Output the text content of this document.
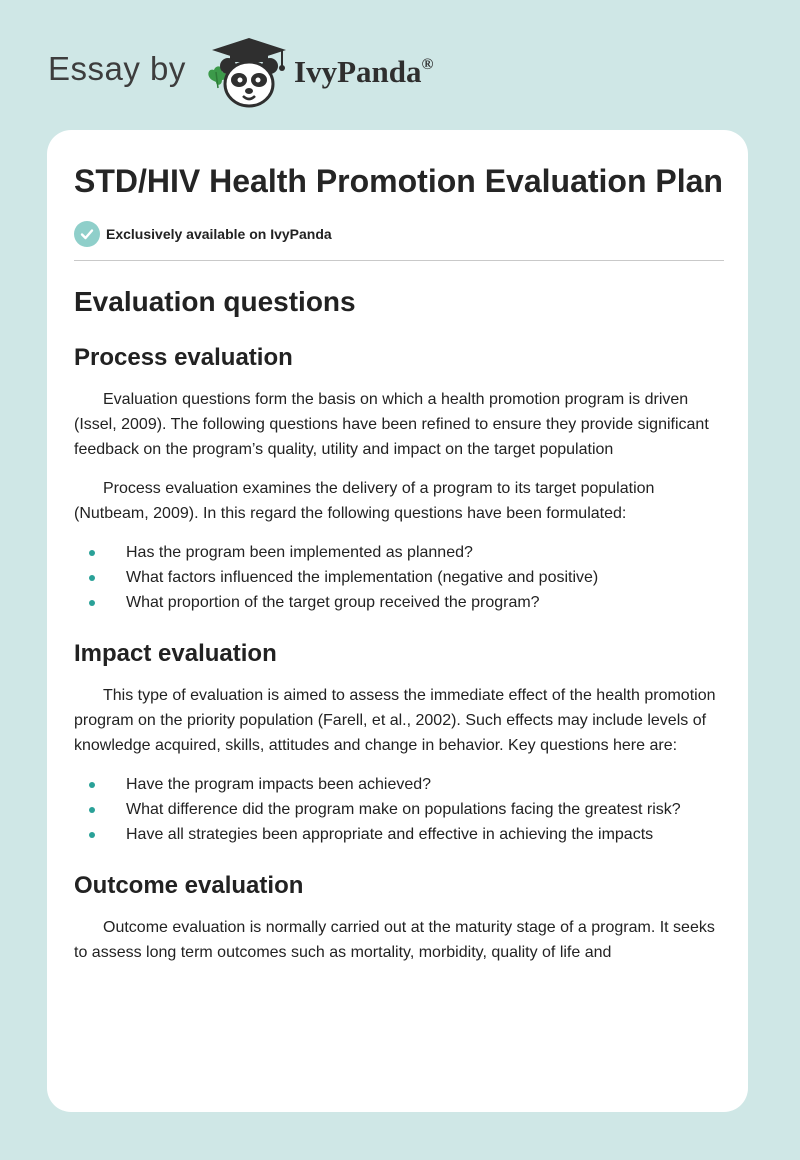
Essay by	IvyPanda®
STD/HIV Health Promotion Evaluation Plan
Exclusively available on IvyPanda
Evaluation questions
Process evaluation

Evaluation questions form the basis on which a health promotion program is driven (Issel, 2009). The following questions have been refined to ensure they provide significant feedback on the program’s quality, utility and impact on the target population

Process evaluation examines the delivery of a program to its target population (Nutbeam, 2009). In this regard the following questions have been formulated:

Has the program been implemented as planned?
What factors influenced the implementation (negative and positive)
What proportion of the target group received the program?
Impact evaluation

This type of evaluation is aimed to assess the immediate effect of the health promotion program on the priority population (Farell, et al., 2002). Such effects may include levels of knowledge acquired, skills, attitudes and change in behavior. Key questions here are:

Have the program impacts been achieved?
What difference did the program make on populations facing the greatest risk?
Have all strategies been appropriate and effective in achieving the impacts
Outcome evaluation

Outcome evaluation is normally carried out at the maturity stage of a program. It seeks to assess long term outcomes such as mortality, morbidity, quality of life and
